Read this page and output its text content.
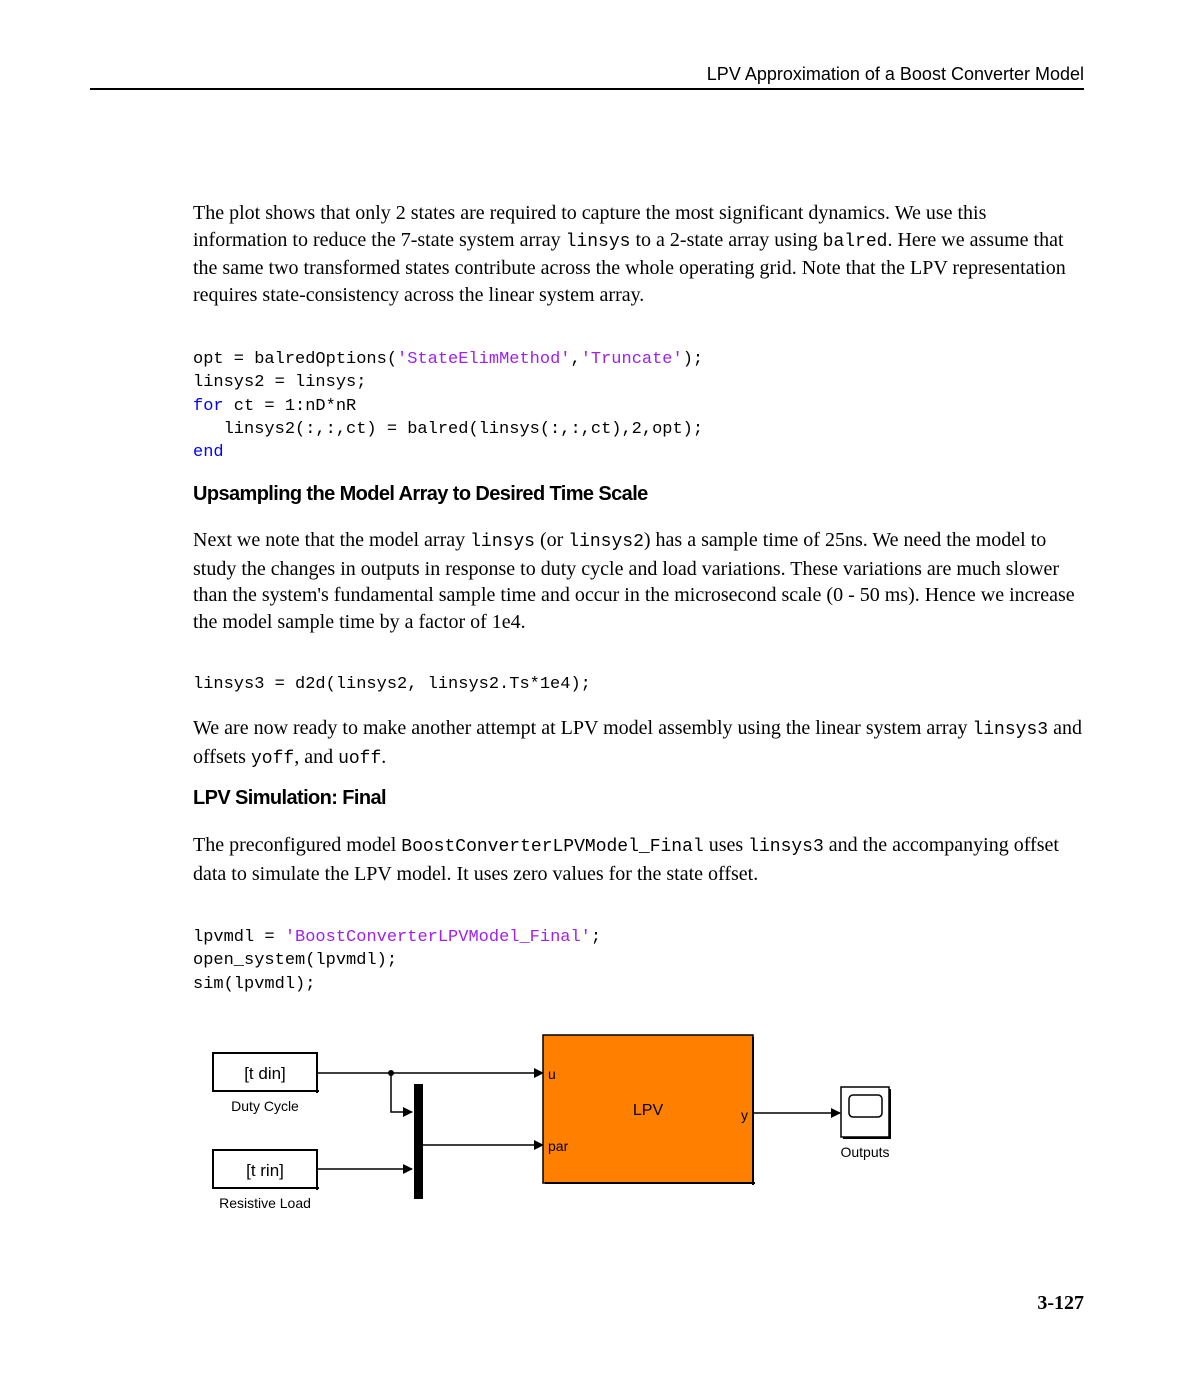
LPV Approximation of a Boost Converter Model

The plot shows that only 2 states are required to capture the most significant dynamics. We use this information to reduce the 7-state system array linsys to a 2-state array using balred. Here we assume that the same two transformed states contribute across the whole operating grid. Note that the LPV representation requires state-consistency across the linear system array.

opt = balredOptions('StateElimMethod','Truncate');
linsys2 = linsys;
for ct = 1:nD*nR
linsys2(:,:,ct) = balred(linsys(:,:,ct),2,opt);
end
Upsampling the Model Array to Desired Time Scale

Next we note that the model array linsys (or linsys2) has a sample time of 25ns. We need the model to study the changes in outputs in response to duty cycle and load variations. These variations are much slower than the system's fundamental sample time and occur in the microsecond scale (0 - 50 ms). Hence we increase the model sample time by a factor of 1e4.

linsys3 = d2d(linsys2, linsys2.Ts*1e4);

We are now ready to make another attempt at LPV model assembly using the linear system array linsys3 and offsets yoff, and uoff.

LPV Simulation: Final

The preconfigured model BoostConverterLPVModel_Final uses linsys3 and the accompanying offset data to simulate the LPV model. It uses zero values for the state offset.

lpvmdl = 'BoostConverterLPVModel_Final';
open_system(lpvmdl);
sim(lpvmdl);
[t din]
Duty Cycle
[t rin]
Resistive Load
LPV
u
par
y
Outputs
3-127
